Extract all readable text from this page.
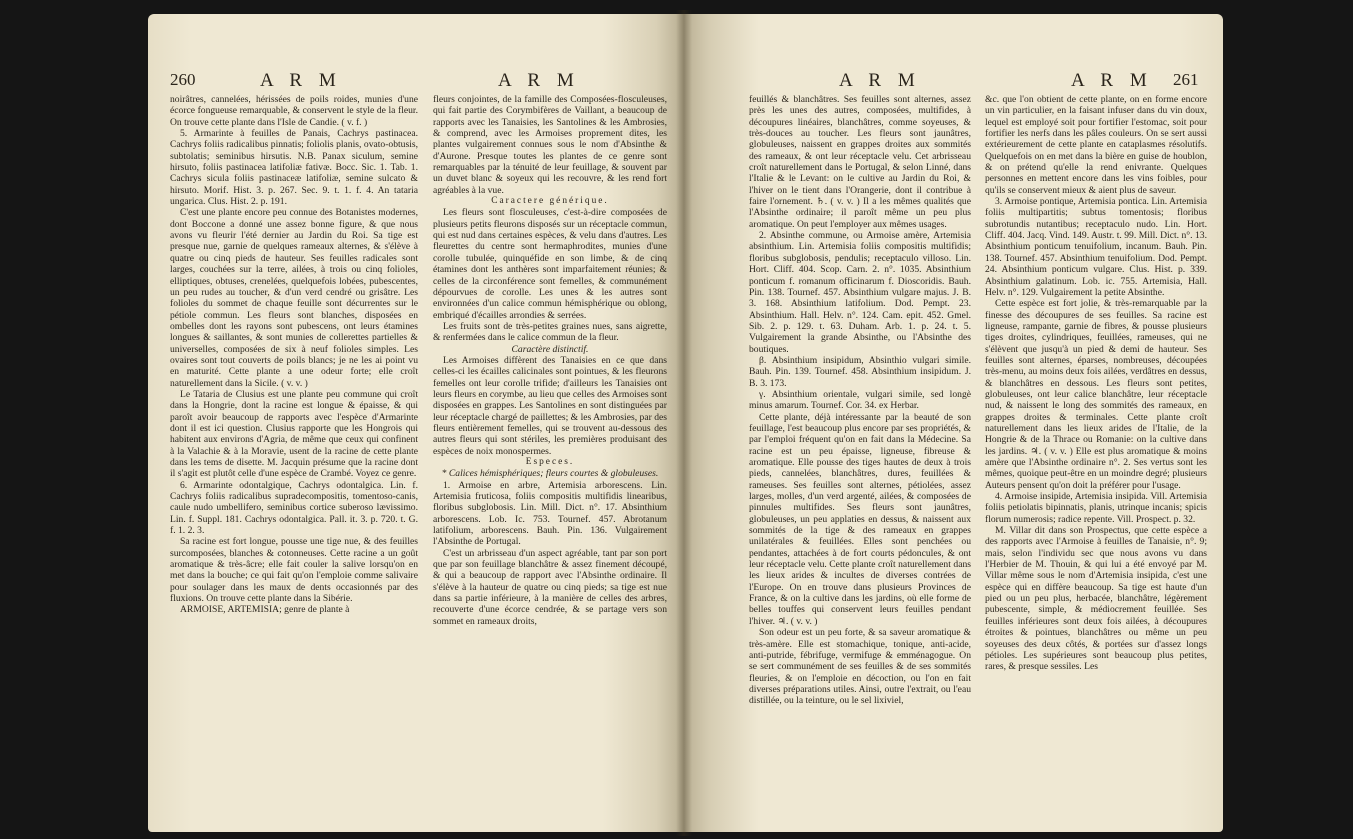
260	A R M	A R M

noirâtres, cannelées, hérissées de poils roides, munies d'une écorce fongueuse remarquable, & conservent le style de la fleur. On trouve cette plante dans l'Isle de Candie. ( v. f. )

5. Armarinte à feuilles de Panais, Cachrys pastinacea. Cachrys foliis radicalibus pinnatis; foliolis planis, ovato-obtusis, subtolatis; seminibus hirsutis. N.B. Panax siculum, semine hirsuto, foliis pastinacea latifoliæ fativæ. Bocc. Sic. 1. Tab. 1. Cachrys sicula foliis pastinaceæ latifoliæ, semine sulcato & hirsuto. Morif. Hist. 3. p. 267. Sec. 9. t. 1. f. 4. An tataria ungarica. Clus. Hist. 2. p. 191.

C'est une plante encore peu connue des Botanistes modernes, dont Boccone a donné une assez bonne figure, & que nous avons vu fleurir l'été dernier au Jardin du Roi. Sa tige est presque nue, garnie de quelques rameaux alternes, & s'élève à quatre ou cinq pieds de hauteur. Ses feuilles radicales sont larges, couchées sur la terre, ailées, à trois ou cinq folioles, elliptiques, obtuses, crenelées, quelquefois lobées, pubescentes, un peu rudes au toucher, & d'un verd cendré ou grisâtre. Les folioles du sommet de chaque feuille sont décurrentes sur le pétiole commun. Les fleurs sont blanches, disposées en ombelles dont les rayons sont pubescens, ont leurs étamines longues & saillantes, & sont munies de collerettes partielles & universelles, composées de six à neuf folioles simples. Les ovaires sont tout couverts de poils blancs; je ne les ai point vu en maturité. Cette plante a une odeur forte; elle croît naturellement dans la Sicile. ( v. v. )

Le Tataria de Clusius est une plante peu commune qui croît dans la Hongrie, dont la racine est longue & épaisse, & qui paroît avoir beaucoup de rapports avec l'espèce d'Armarinte dont il est ici question. Clusius rapporte que les Hongrois qui habitent aux environs d'Agria, de même que ceux qui confinent à la Valachie & à la Moravie, usent de la racine de cette plante dans les tems de disette. M. Jacquin présume que la racine dont il s'agit est plutôt celle d'une espèce de Crambé. Voyez ce genre.

6. Armarinte odontalgique, Cachrys odontalgica. Lin. f. Cachrys foliis radicalibus supradecompositis, tomentoso-canis, caule nudo umbellifero, seminibus cortice suberoso lævissimo. Lin. f. Suppl. 181. Cachrys odontalgica. Pall. it. 3. p. 720. t. G. f. 1. 2. 3.

Sa racine est fort longue, pousse une tige nue, & des feuilles surcomposées, blanches & cotonneuses. Cette racine a un goût aromatique & très-âcre; elle fait couler la salive lorsqu'on en met dans la bouche; ce qui fait qu'on l'emploie comme salivaire pour soulager dans les maux de dents occasionnés par des fluxions. On trouve cette plante dans la Sibérie.

ARMOISE, ARTEMISIA; genre de plante à

fleurs conjointes, de la famille des Composées-flosculeuses, qui fait partie des Corymbifères de Vaillant, a beaucoup de rapports avec les Tanaisies, les Santolines & les Ambrosies, & comprend, avec les Armoises proprement dites, les plantes vulgairement connues sous le nom d'Absinthe & d'Aurone. Presque toutes les plantes de ce genre sont remarquables par la ténuité de leur feuillage, & souvent par un duvet blanc & soyeux qui les recouvre, & les rend fort agréables à la vue.

Caractere générique.

Les fleurs sont flosculeuses, c'est-à-dire composées de plusieurs petits fleurons disposés sur un réceptacle commun, qui est nud dans certaines espèces, & velu dans d'autres. Les fleurettes du centre sont hermaphrodites, munies d'une corolle tubulée, quinquéfide en son limbe, & de cinq étamines dont les anthères sont imparfaitement réunies; & celles de la circonférence sont femelles, & communément dépourvues de corolle. Les unes & les autres sont environnées d'un calice commun hémisphérique ou oblong, embriqué d'écailles arrondies & serrées.

Les fruits sont de très-petites graines nues, sans aigrette, & renfermées dans le calice commun de la fleur.

Caractère distinctif.

Les Armoises diffèrent des Tanaisies en ce que dans celles-ci les écailles calicinales sont pointues, & les fleurons femelles ont leur corolle trifide; d'ailleurs les Tanaisies ont leurs fleurs en corymbe, au lieu que celles des Armoises sont disposées en grappes. Les Santolines en sont distinguées par leur réceptacle chargé de paillettes; & les Ambrosies, par des fleurs entièrement femelles, qui se trouvent au-dessous des autres fleurs qui sont stériles, les premières produisant des espèces de noix monospermes.

Especes.

* Calices hémisphériques; fleurs courtes & globuleuses.

1. Armoise en arbre, Artemisia arborescens. Lin. Artemisia fruticosa, foliis compositis multifidis linearibus, floribus subglobosis. Lin. Mill. Dict. n°. 17. Absinthium arborescens. Lob. Ic. 753. Tournef. 457. Abrotanum latifolium, arborescens. Bauh. Pin. 136. Vulgairement l'Absinthe de Portugal.

C'est un arbrisseau d'un aspect agréable, tant par son port que par son feuillage blanchâtre & assez finement découpé, & qui a beaucoup de rapport avec l'Absinthe ordinaire. Il s'élève à la hauteur de quatre ou cinq pieds; sa tige est nue dans sa partie inférieure, à la manière de celles des arbres, recouverte d'une écorce cendrée, & se partage vers son sommet en rameaux droits,

A R M	A R M 261

feuillés & blanchâtres. Ses feuilles sont alternes, assez près les unes des autres, composées, multifides, à découpures linéaires, blanchâtres, comme soyeuses, & très-douces au toucher. Les fleurs sont jaunâtres, globuleuses, naissent en grappes droites aux sommités des rameaux, & ont leur réceptacle velu. Cet arbrisseau croît naturellement dans le Portugal, & selon Linné, dans l'Italie & le Levant: on le cultive au Jardin du Roi, & l'hiver on le tient dans l'Orangerie, dont il contribue à faire l'ornement. ♄. ( v. v. ) Il a les mêmes qualités que l'Absinthe ordinaire; il paroît même un peu plus aromatique. On peut l'employer aux mêmes usages.

2. Absinthe commune, ou Armoise amère, Artemisia absinthium. Lin. Artemisia foliis compositis multifidis; floribus subglobosis, pendulis; receptaculo villoso. Lin. Hort. Cliff. 404. Scop. Carn. 2. n°. 1035. Absinthium ponticum f. romanum officinarum f. Dioscoridis. Bauh. Pin. 138. Tournef. 457. Absinthium vulgare majus. J. B. 3. 168. Absinthium latifolium. Dod. Pempt. 23. Absinthium. Hall. Helv. n°. 124. Cam. epit. 452. Gmel. Sib. 2. p. 129. t. 63. Duham. Arb. 1. p. 24. t. 5. Vulgairement la grande Absinthe, ou l'Absinthe des boutiques.

β. Absinthium insipidum, Absinthio vulgari simile. Bauh. Pin. 139. Tournef. 458. Absinthium insipidum. J. B. 3. 173.

γ. Absinthium orientale, vulgari simile, sed longè minus amarum. Tournef. Cor. 34. ex Herbar.

Cette plante, déjà intéressante par la beauté de son feuillage, l'est beaucoup plus encore par ses propriétés, & par l'emploi fréquent qu'on en fait dans la Médecine. Sa racine est un peu épaisse, ligneuse, fibreuse & aromatique. Elle pousse des tiges hautes de deux à trois pieds, cannelées, blanchâtres, dures, feuillées & rameuses. Ses feuilles sont alternes, pétiolées, assez larges, molles, d'un verd argenté, ailées, & composées de pinnules multifides. Ses fleurs sont jaunâtres, globuleuses, un peu applaties en dessus, & naissent aux sommités de la tige & des rameaux en grappes unilatérales & feuillées. Elles sont penchées ou pendantes, attachées à de fort courts pédoncules, & ont leur réceptacle velu. Cette plante croît naturellement dans les lieux arides & incultes de diverses contrées de l'Europe. On en trouve dans plusieurs Provinces de France, & on la cultive dans les jardins, où elle forme de belles touffes qui conservent leurs feuilles pendant l'hiver. ♃. ( v. v. )

Son odeur est un peu forte, & sa saveur aromatique & très-amère. Elle est stomachique, tonique, anti-acide, anti-putride, fébrifuge, vermifuge & emménagogue. On se sert communément de ses feuilles & de ses sommités fleuries, & on l'emploie en décoction, ou l'on en fait diverses préparations utiles. Ainsi, outre l'extrait, ou l'eau distillée, ou la teinture, ou le sel lixiviel,

&c. que l'on obtient de cette plante, on en forme encore un vin particulier, en la faisant infuser dans du vin doux, lequel est employé soit pour fortifier l'estomac, soit pour fortifier les nerfs dans les pâles couleurs. On se sert aussi extérieurement de cette plante en cataplasmes résolutifs. Quelquefois on en met dans la bière en guise de houblon, & on prétend qu'elle la rend enivrante. Quelques personnes en mettent encore dans les vins foibles, pour qu'ils se conservent mieux & aient plus de saveur.

3. Armoise pontique, Artemisia pontica. Lin. Artemisia foliis multipartitis; subtus tomentosis; floribus subrotundis nutantibus; receptaculo nudo. Lin. Hort. Cliff. 404. Jacq. Vind. 149. Austr. t. 99. Mill. Dict. n°. 13. Absinthium ponticum tenuifolium, incanum. Bauh. Pin. 138. Tournef. 457. Absinthium tenuifolium. Dod. Pempt. 24. Absinthium ponticum vulgare. Clus. Hist. p. 339. Absinthium galatinum. Lob. ic. 755. Artemisia, Hall. Helv. n°. 129. Vulgairement la petite Absinthe.

Cette espèce est fort jolie, & très-remarquable par la finesse des découpures de ses feuilles. Sa racine est ligneuse, rampante, garnie de fibres, & pousse plusieurs tiges droites, cylindriques, feuillées, rameuses, qui ne s'élèvent que jusqu'à un pied & demi de hauteur. Ses feuilles sont alternes, éparses, nombreuses, découpées très-menu, au moins deux fois ailées, verdâtres en dessus, & blanchâtres en dessous. Les fleurs sont petites, globuleuses, ont leur calice blanchâtre, leur réceptacle nud, & naissent le long des sommités des rameaux, en grappes droites & terminales. Cette plante croît naturellement dans les lieux arides de l'Italie, de la Hongrie & de la Thrace ou Romanie: on la cultive dans les jardins. ♃. ( v. v. ) Elle est plus aromatique & moins amère que l'Absinthe ordinaire n°. 2. Ses vertus sont les mêmes, quoique peut-être en un moindre degré; plusieurs Auteurs pensent qu'on doit la préférer pour l'usage.

4. Armoise insipide, Artemisia insipida. Vill. Artemisia foliis petiolatis bipinnatis, planis, utrinque incanis; spicis florum numerosis; radice repente. Vill. Prospect. p. 32.

M. Villar dit dans son Prospectus, que cette espèce a des rapports avec l'Armoise à feuilles de Tanaisie, n°. 9; mais, selon l'individu sec que nous avons vu dans l'Herbier de M. Thouin, & qui lui a été envoyé par M. Villar même sous le nom d'Artemisia insipida, c'est une espèce qui en diffère beaucoup. Sa tige est haute d'un pied ou un peu plus, herbacée, blanchâtre, légèrement pubescente, simple, & médiocrement feuillée. Ses feuilles inférieures sont deux fois ailées, à découpures étroites & pointues, blanchâtres ou même un peu soyeuses des deux côtés, & portées sur d'assez longs pétioles. Les supérieures sont beaucoup plus petites, rares, & presque sessiles. Les
